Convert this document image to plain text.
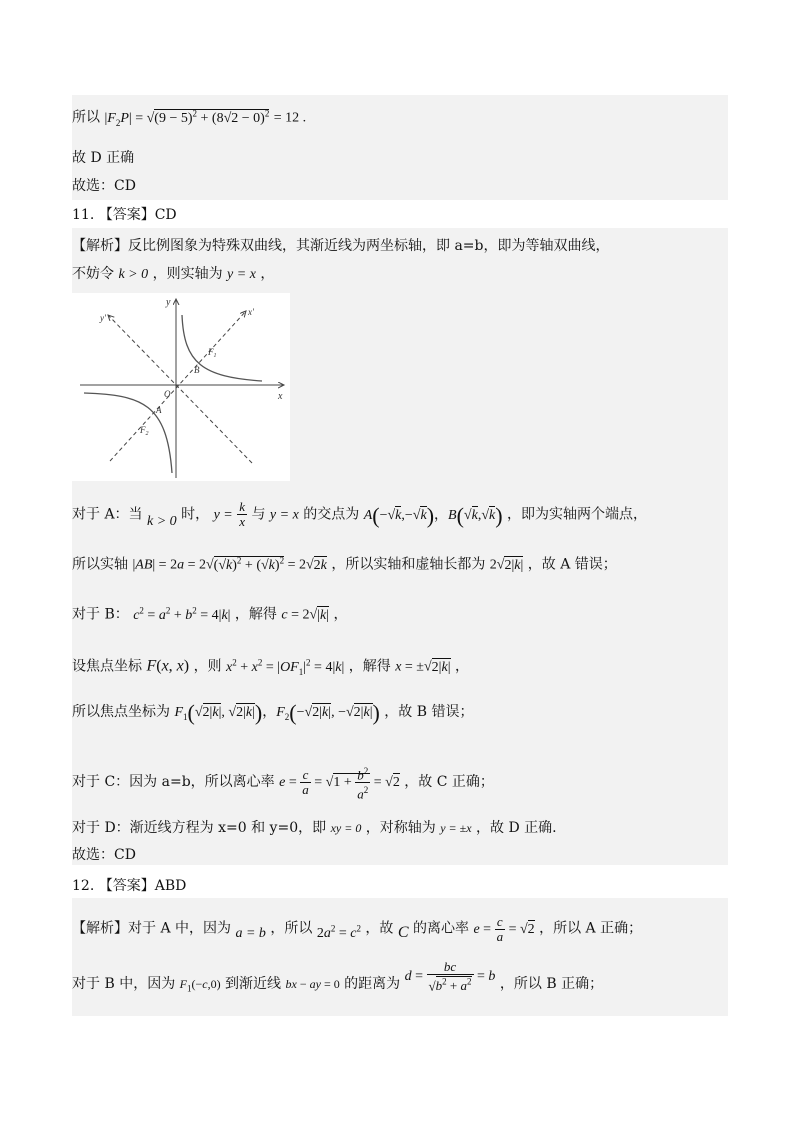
所以 $|F_2P| = √(9 - 5)^2 + (8√2 - 0)^2 = 12$ .
故 D 正确
故选：CD
11. 【答案】CD
【解析】反比例图象为特殊双曲线，其渐近线为两坐标轴，即 a=b，即为等轴双曲线，
不妨令 k > 0 ，则实轴为 y = x ，
x
y
x'
y'
$F_1$
$F_2$
B
A
O
对于 A：当 k > 0 时， $y = \frac{k}{x}$ 与 y = x 的交点为 A(−√k,−√k)，B(√k,√k) ，即为实轴两个端点，
所以实轴 $|AB| = 2a = 2√(√k)^2 + (√k)^2 = 2√2k$ ，所以实轴和虚轴长都为 2√2|k| ，故 A 错误；
对于 B： $c^2 = a^2 + b^2 = 4|k|$ ，解得 c = 2√|k| ，
设焦点坐标 F(x, x) ，则 $x^2 + x^2 = |OF_1|^2 = 4|k|$ ，解得 x = ±√2|k| ，
所以焦点坐标为 $F_1(√2|k|$, √2|k|)，$F_2(-√2|k|$, −√2|k|) ，故 B 错误；
对于 C：因为 a=b，所以离心率 $e = \frac{c}{a} = √1 + \frac{b^2}{a^2} = √2$ ，故 C 正确；
对于 D：渐近线方程为 x=0 和 y=0，即 xy = 0 ，对称轴为 y = ±x ，故 D 正确.
故选：CD
12. 【答案】ABD
【解析】对于 A 中，因为 a = b ，所以 $2a^2 = c^2$ ，故 C 的离心率 $e = \frac{c}{a} = √2$ ，所以 A 正确；
对于 B 中，因为 $F_1(-c,0)$ 到渐近线 bx − ay = 0 的距离为 $d = \frac{bc}{√b^2 + a^2} = b$ ，所以 B 正确；
